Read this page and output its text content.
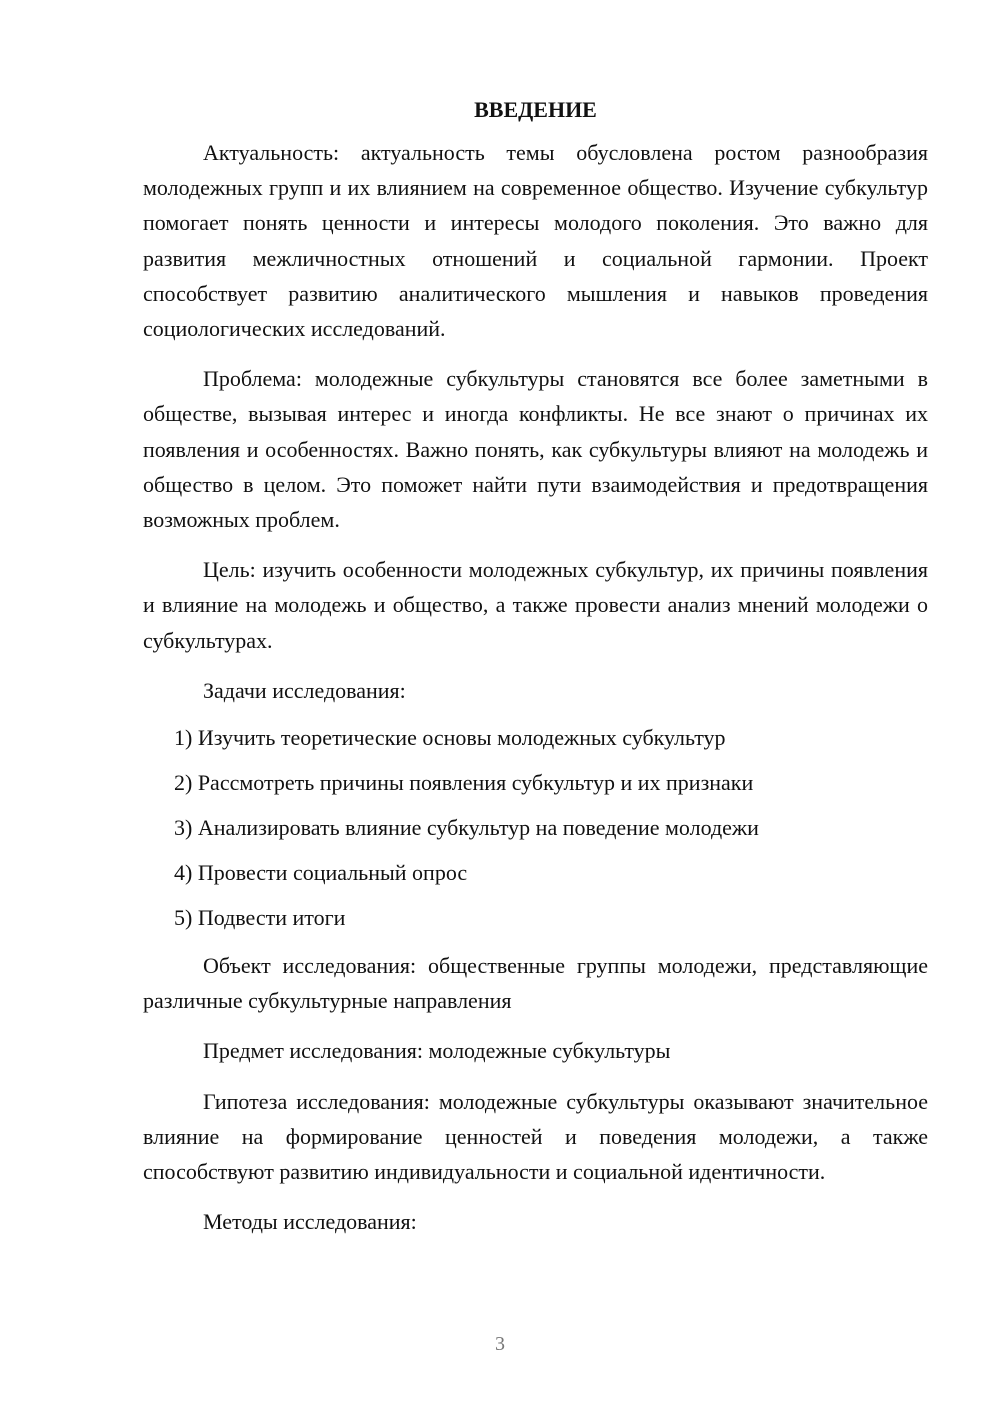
ВВЕДЕНИЕ

Актуальность: актуальность темы обусловлена ростом разнообразия молодежных групп и их влиянием на современное общество. Изучение субкультур помогает понять ценности и интересы молодого поколения. Это важно для развития межличностных отношений и социальной гармонии. Проект способствует развитию аналитического мышления и навыков проведения социологических исследований.

Проблема: молодежные субкультуры становятся все более заметными в обществе, вызывая интерес и иногда конфликты. Не все знают о причинах их появления и особенностях. Важно понять, как субкультуры влияют на молодежь и общество в целом. Это поможет найти пути взаимодействия и предотвращения возможных проблем.

Цель: изучить особенности молодежных субкультур, их причины появления и влияние на молодежь и общество, а также провести анализ мнений молодежи о субкультурах.

Задачи исследования:

1) Изучить теоретические основы молодежных субкультур
2) Рассмотреть причины появления субкультур и их признаки
3) Анализировать влияние субкультур на поведение молодежи
4) Провести социальный опрос
5) Подвести итоги

Объект исследования: общественные группы молодежи, представляющие различные субкультурные направления

Предмет исследования: молодежные субкультуры

Гипотеза исследования: молодежные субкультуры оказывают значительное влияние на формирование ценностей и поведения молодежи, а также способствуют развитию индивидуальности и социальной идентичности.

Методы исследования:

3
